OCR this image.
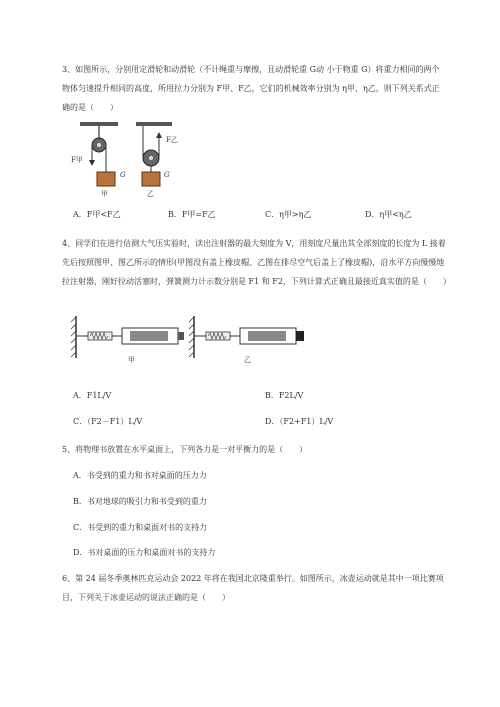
3、如图所示，分别用定滑轮和动滑轮（不计绳重与摩擦，且动滑轮重 G动 小于物重 G）将重力相同的两个物体匀速提升相同的高度，所用拉力分别为 F甲、F乙，它们的机械效率分别为 η甲、η乙，则下列关系式正确的是（　　）

F甲
F乙
G	G
甲	乙
A．F甲<F乙	B．F甲=F乙	C．η甲>η乙	D．η甲<η乙

4、同学们在进行估测大气压实验时，读出注射器的最大刻度为 V，用刻度尺量出其全部刻度的长度为 L 接着先后按照图甲、图乙所示的情形(甲图没有盖上橡皮帽、乙图在排尽空气后盖上了橡皮帽)，沿水平方向慢慢地拉注射器，刚好拉动活塞时，弹簧测力计示数分别是 F1 和 F2，下列计算式正确且最接近真实值的是（　　）

甲	乙
A．F1L/V	B．F2L/V
C．（F2－F1）L/V	D．（F2+F1）L/V

5、将物理书放置在水平桌面上，下列各力是一对平衡力的是（　　）

A．书受到的重力和书对桌面的压力力
B．书对地球的吸引力和书受到的重力
C．书受到的重力和桌面对书的支持力
D．书对桌面的压力和桌面对书的支持力

6、第 24 届冬季奥林匹克运动会 2022 年将在我国北京隆重举行。如图所示，冰壶运动就是其中一项比赛项目，下列关于冰壶运动的说法正确的是（　　）
